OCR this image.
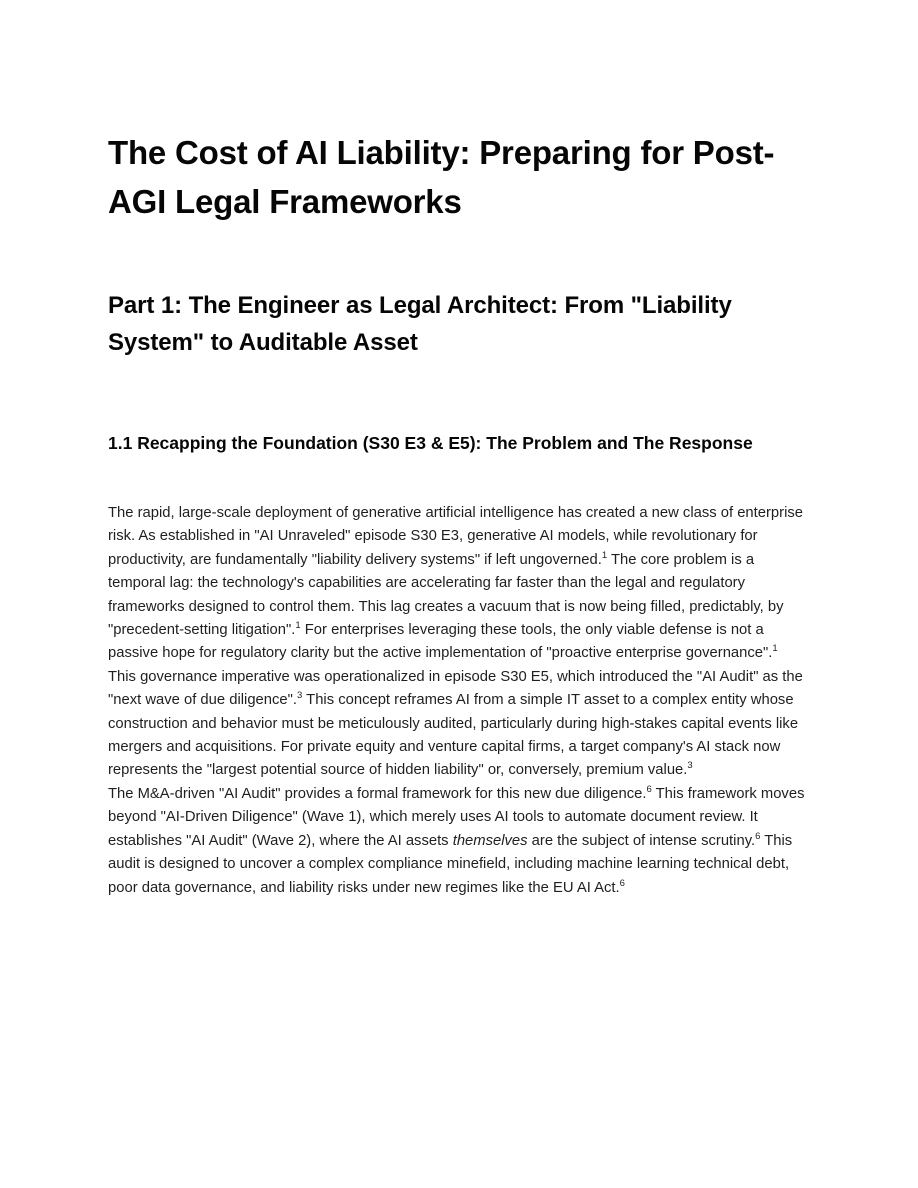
The Cost of AI Liability: Preparing for Post-AGI Legal Frameworks
Part 1: The Engineer as Legal Architect: From "Liability System" to Auditable Asset
1.1 Recapping the Foundation (S30 E3 & E5): The Problem and The Response

The rapid, large-scale deployment of generative artificial intelligence has created a new class of enterprise risk. As established in "AI Unraveled" episode S30 E3, generative AI models, while revolutionary for productivity, are fundamentally "liability delivery systems" if left ungoverned.$^1$ The core problem is a temporal lag: the technology's capabilities are accelerating far faster than the legal and regulatory frameworks designed to control them. This lag creates a vacuum that is now being filled, predictably, by "precedent-setting litigation".$^1$ For enterprises leveraging these tools, the only viable defense is not a passive hope for regulatory clarity but the active implementation of "proactive enterprise governance".$^1$

This governance imperative was operationalized in episode S30 E5, which introduced the "AI Audit" as the "next wave of due diligence".$^3$ This concept reframes AI from a simple IT asset to a complex entity whose construction and behavior must be meticulously audited, particularly during high-stakes capital events like mergers and acquisitions. For private equity and venture capital firms, a target company's AI stack now represents the "largest potential source of hidden liability" or, conversely, premium value.$^3$

The M&A-driven "AI Audit" provides a formal framework for this new due diligence.$^6$ This framework moves beyond "AI-Driven Diligence" (Wave 1), which merely uses AI tools to automate document review. It establishes "AI Audit" (Wave 2), where the AI assets themselves are the subject of intense scrutiny.$^6$ This audit is designed to uncover a complex compliance minefield, including machine learning technical debt, poor data governance, and liability risks under new regimes like the EU AI Act.$^6$
